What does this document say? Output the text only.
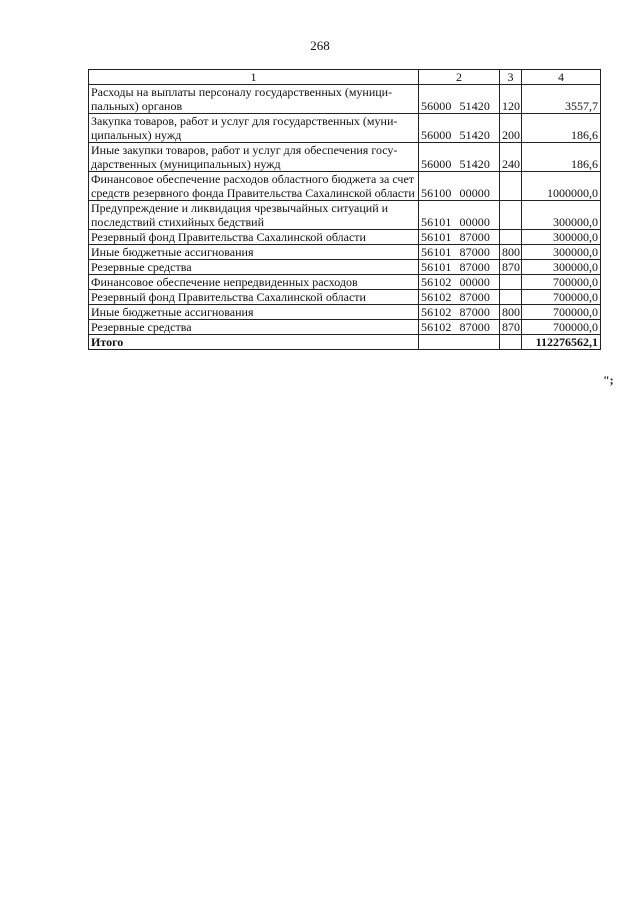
268
1	2	3	4
Расходы на выплаты персоналу государственных (муници-пальных) органов	56000 51420	120	3557,7
Закупка товаров, работ и услуг для государственных (муни-ципальных) нужд	56000 51420	200	186,6
Иные закупки товаров, работ и услуг для обеспечения госу-дарственных (муниципальных) нужд	56000 51420	240	186,6
Финансовое обеспечение расходов областного бюджета за счет средств резервного фонда Правительства Сахалинской области	56100 00000		1000000,0
Предупреждение и ликвидация чрезвычайных ситуаций и последствий стихийных бедствий	56101 00000		300000,0
Резервный фонд Правительства Сахалинской области	56101 87000		300000,0
Иные бюджетные ассигнования	56101 87000	800	300000,0
Резервные средства	56101 87000	870	300000,0
Финансовое обеспечение непредвиденных расходов	56102 00000		700000,0
Резервный фонд Правительства Сахалинской области	56102 87000		700000,0
Иные бюджетные ассигнования	56102 87000	800	700000,0
Резервные средства	56102 87000	870	700000,0
Итого			112276562,1
";
